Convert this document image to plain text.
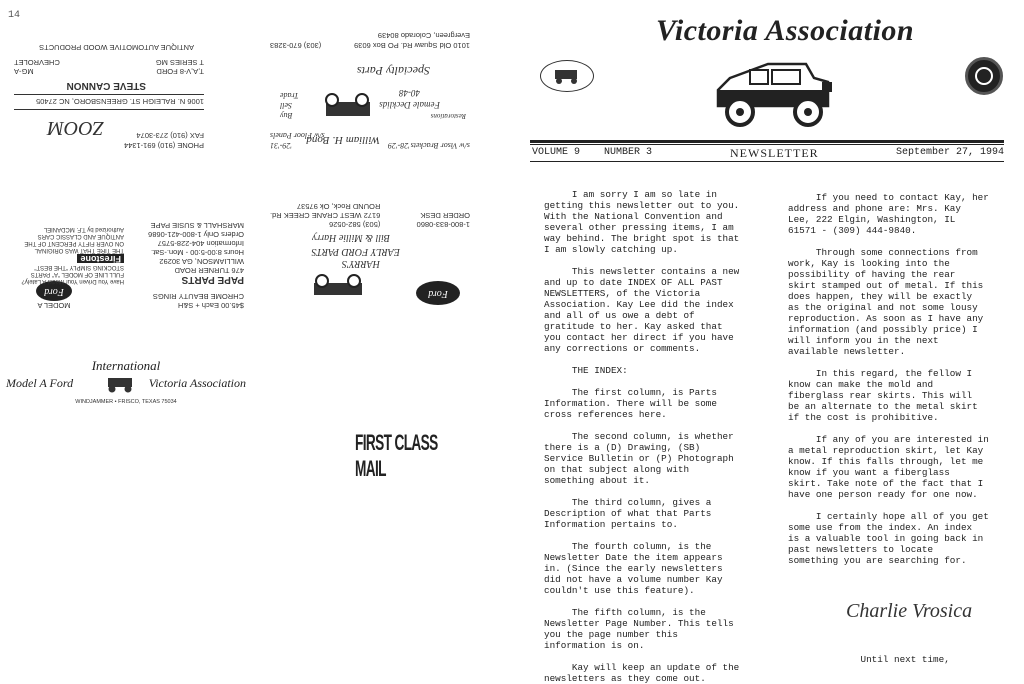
14
PHONE (910) 691-1344
FAX (910) 273-3074
ZOOM
1006 N. RALEIGH ST. GREENSBORO, NC 27405
STEVE CANNON
T,A,V-8 FORD
T SERIES MG
MG-A
CHEVROLET
ANTIQUE AUTOMOTIVE WOOD PRODUCTS
s/w Visor Brackets
'28-'29
William H. Bond
'29-'31
s/w Floor Panels
Restorations
Female Decklids
40-48
Buy
Sell
Trade
Specialty Parts
(303) 670-3283	1010 Old Squaw Rd. PO Box 6039
Evergreen, Colorado 80439
$45.00 Each + S&H
CHROME BEAUTY RINGS
MODEL A
Ford
PAPE PARTS
476 TURNER ROAD
WILLIAMSON, GA 30292
Hours 8:00-5:00 - Mon.-Sat.
Information 404-228-5757
Orders Only 1-800-421-0686
MARSHALL & SUSIE PAPE
Have You Driven Your Model A Lately?
FULL LINE OF MODEL "A" PARTS
STOCKING SIMPLY "THE BEST"
Firestone
THE TIRE THAT WAS ORIGINAL
ON OVER FIFTY PERCENT OF THE
ANTIQUE AND CLASSIC CARS
Authorized by T.F. MCDANIEL
Ford
HARRY'S
EARLY FORD PARTS
Bill & Millie Harry
1-800-833-0860
ORDER DESK
(503) 582-0526
6172 WEST CRANE CREEK Rd.
ROUND Rock, Ok 97537
International
Model A Ford	Victoria Association
WINDJAMMER • FRISCO, TEXAS 75034
FIRST CLASS MAIL
Victoria Association
VOLUME 9 NUMBER 3	NEWSLETTER	September 27, 1994
I am sorry I am so late in
getting this newsletter out to you.
With the National Convention and
several other pressing items, I am
way behind. The bright spot is that
I am slowly catching up.
This newsletter contains a new
and up to date INDEX OF ALL PAST
NEWSLETTERS, of the Victoria
Association. Kay Lee did the index
and all of us owe a debt of
gratitude to her. Kay asked that
you contact her direct if you have
any corrections or comments.
THE INDEX:
The first column, is Parts
Information. There will be some
cross references here.
The second column, is whether
there is a (D) Drawing, (SB)
Service Bulletin or (P) Photograph
on that subject along with
something about it.
The third column, gives a
Description of what that Parts
Information pertains to.
The fourth column, is the
Newsletter Date the item appears
in. (Since the early newsletters
did not have a volume number Kay
couldn't use this feature).
The fifth column, is the
Newsletter Page Number. This tells
you the page number this
information is on.
Kay will keep an update of the
newsletters as they come out.
If you need to contact Kay, her
address and phone are: Mrs. Kay
Lee, 222 Elgin, Washington, IL
61571 - (309) 444-9840.
Through some connections from
work, Kay is looking into the
possibility of having the rear
skirt stamped out of metal. If this
does happen, they will be exactly
as the original and not some lousy
reproduction. As soon as I have any
information (and possibly price) I
will inform you in the next
available newsletter.
In this regard, the fellow I
know can make the mold and
fiberglass rear skirts. This will
be an alternate to the metal skirt
if the cost is prohibitive.
If any of you are interested in
a metal reproduction skirt, let Kay
know. If this falls through, let me
know if you want a fiberglass
skirt. Take note of the fact that I
have one person ready for one now.
I certainly hope all of you get
some use from the index. An index
is a valuable tool in going back in
past newsletters to locate
something you are searching for.
Until next time,
Charlie Vrosica
